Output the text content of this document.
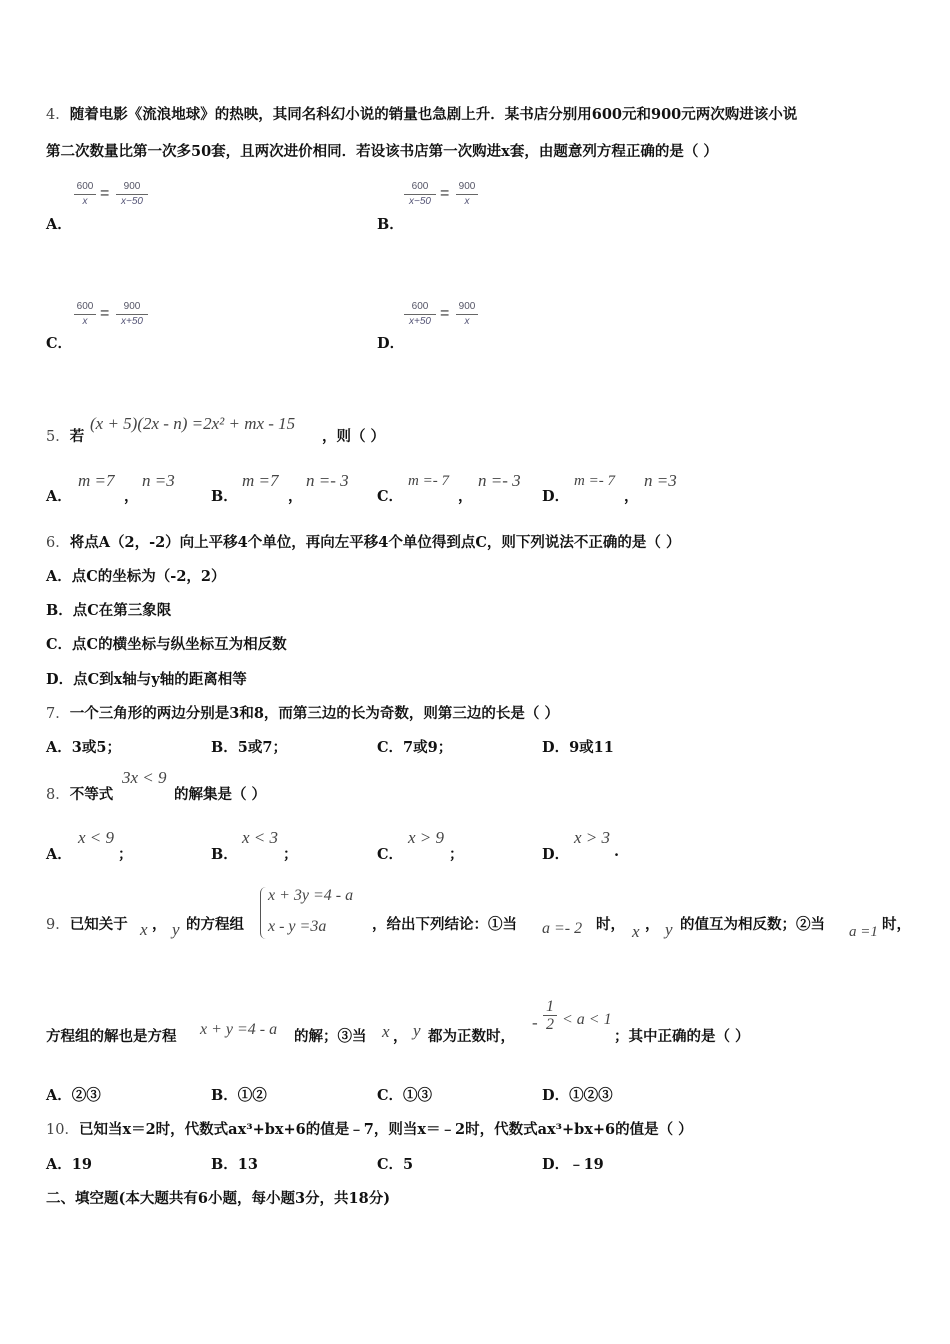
4．随着电影《流浪地球》的热映，其同名科幻小说的销量也急剧上升．某书店分别用600元和900元两次购进该小说
第二次数量比第一次多50套，且两次进价相同．若设该书店第一次购进x套，由题意列方程正确的是（ ）
A．
600
x =	900
x−50
B．
600
x−50 = 900
x
C．
600
x =	900
x+50
D．
600
x+50 = 900
x
5．若
(x + 5)(2x - n) =2x² + mx - 15
，则（ ）
A．
m =7
，
n =3
B．
m =7
，
n =- 3
C．
m =- 7
，
n =- 3
D．
m =- 7
，
n =3
6．将点A（2，-2）向上平移4个单位，再向左平移4个单位得到点C，则下列说法不正确的是（ ）
A．点C的坐标为（-2，2）
B．点C在第三象限
C．点C的横坐标与纵坐标互为相反数
D．点C到x轴与y轴的距离相等
7．一个三角形的两边分别是3和8，而第三边的长为奇数，则第三边的长是（ ）
A．3或5；	B．5或7；	C．7或9；	D．9或11
8．不等式
3x < 9
的解集是（ ）
A．
x < 9
；	B．
x < 3
；	C．
x > 9
；	D．
x > 3
.
9．已知关于 x ， y 的方程组
x + 3y =4 - a
x - y =3a	，给出下列结论：①当 a =- 2 时， x ， y 的值互为相反数；②当 a =1 时，
方程组的解也是方程 x + y =4 - a 的解；③当 x ， y 都为正数时，
-
1
2 < a < 1
；其中正确的是（ ）
A．②③	B．①②	C．①③	D．①②③
10．已知当x＝2时，代数式ax³+bx+6的值是﹣7，则当x＝﹣2时，代数式ax³+bx+6的值是（ ）
A．19	B．13	C．5	D．﹣19
二、填空题(本大题共有6小题，每小题3分，共18分)
